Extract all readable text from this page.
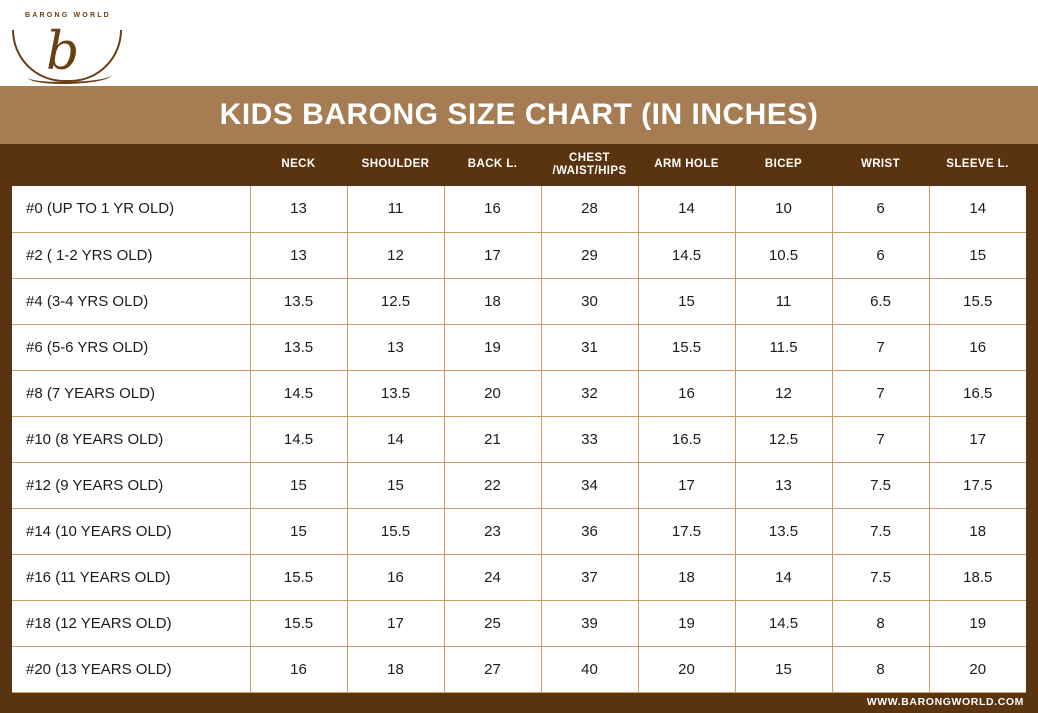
BARONG WORLD
b
KIDS BARONG SIZE CHART (IN INCHES)
	NECK	SHOULDER	BACK L.	CHEST
/WAIST/HIPS	ARM HOLE	BICEP	WRIST	SLEEVE L.
#0 (UP TO 1 YR OLD)	13	11	16	28	14	10	6	14
#2 ( 1-2 YRS OLD)	13	12	17	29	14.5	10.5	6	15
#4 (3-4 YRS OLD)	13.5	12.5	18	30	15	11	6.5	15.5
#6 (5-6 YRS OLD)	13.5	13	19	31	15.5	11.5	7	16
#8 (7 YEARS OLD)	14.5	13.5	20	32	16	12	7	16.5
#10 (8 YEARS OLD)	14.5	14	21	33	16.5	12.5	7	17
#12 (9 YEARS OLD)	15	15	22	34	17	13	7.5	17.5
#14 (10 YEARS OLD)	15	15.5	23	36	17.5	13.5	7.5	18
#16 (11 YEARS OLD)	15.5	16	24	37	18	14	7.5	18.5
#18 (12 YEARS OLD)	15.5	17	25	39	19	14.5	8	19
#20 (13 YEARS OLD)	16	18	27	40	20	15	8	20
WWW.BARONGWORLD.COM
